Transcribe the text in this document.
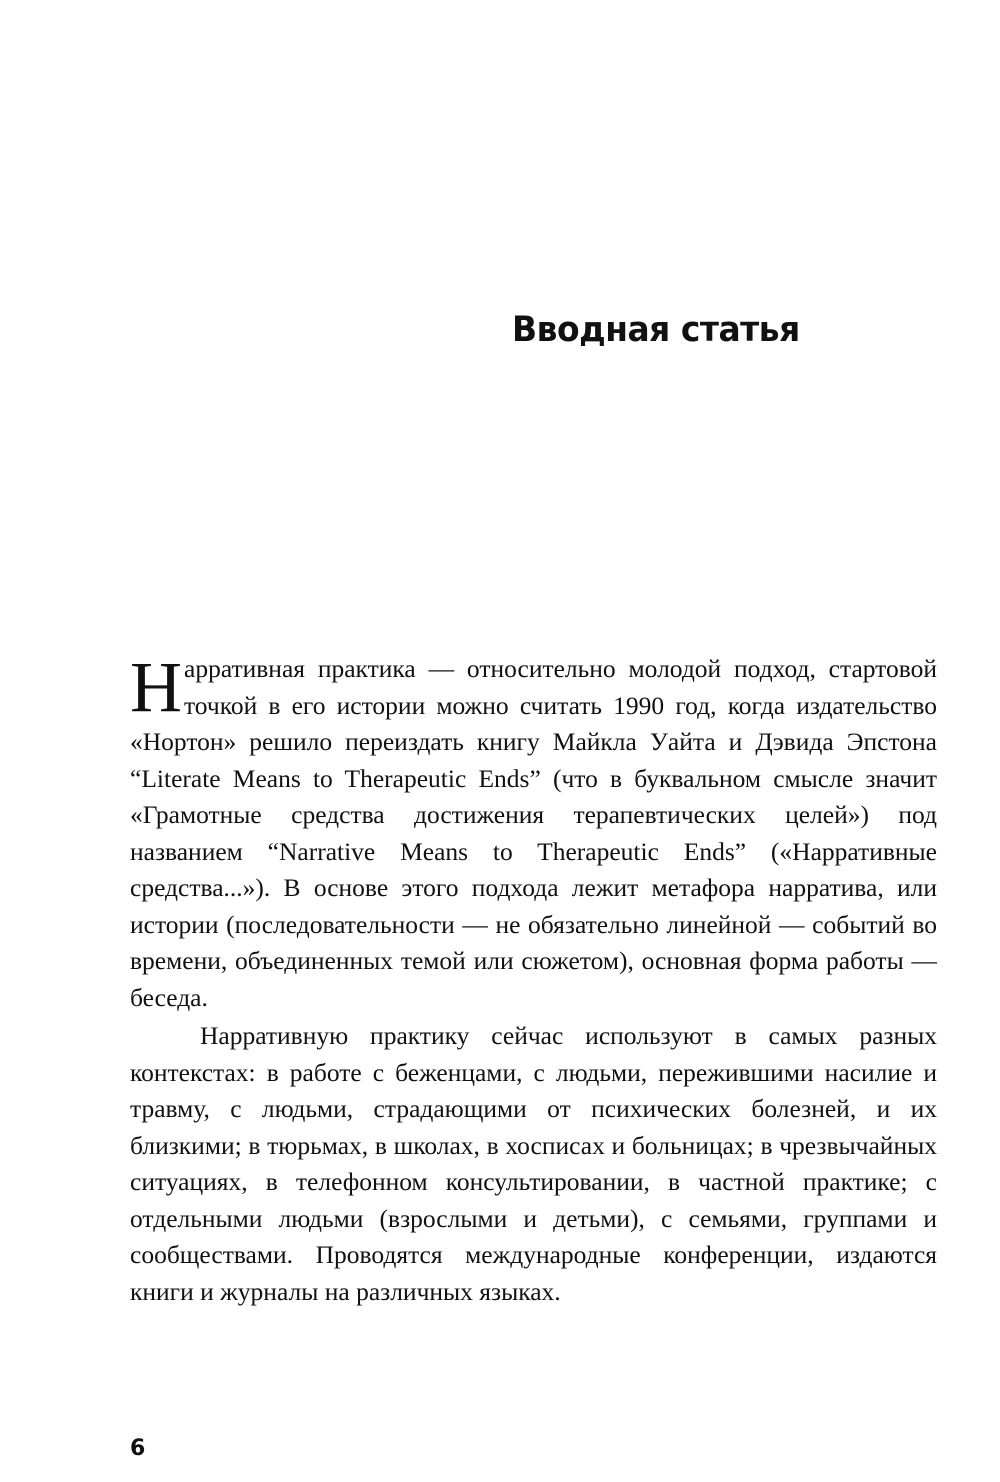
Вводная статья

Нарративная практика — относительно молодой подход, стартовой точкой в его истории можно считать 1990 год, когда издательство «Нортон» решило переиздать книгу Майкла Уайта и Дэвида Эпстона “Literate Means to Therapeutic Ends” (что в буквальном смысле значит «Грамотные средства достижения терапевтических целей») под названием “Narrative Means to Therapeutic Ends” («Нарративные средства...»). В основе этого подхода лежит метафора нарратива, или истории (последовательности — не обязательно линейной — событий во времени, объединенных темой или сюжетом), основная форма работы — беседа.

Нарративную практику сейчас используют в самых разных контекстах: в работе с беженцами, с людьми, пережившими насилие и травму, с людьми, страдающими от психических болезней, и их близкими; в тюрьмах, в школах, в хосписах и больницах; в чрезвычайных ситуациях, в телефонном консультировании, в частной практике; с отдельными людьми (взрослыми и детьми), с семьями, группами и сообществами. Проводятся международные конференции, издаются книги и журналы на различных языках.

6
